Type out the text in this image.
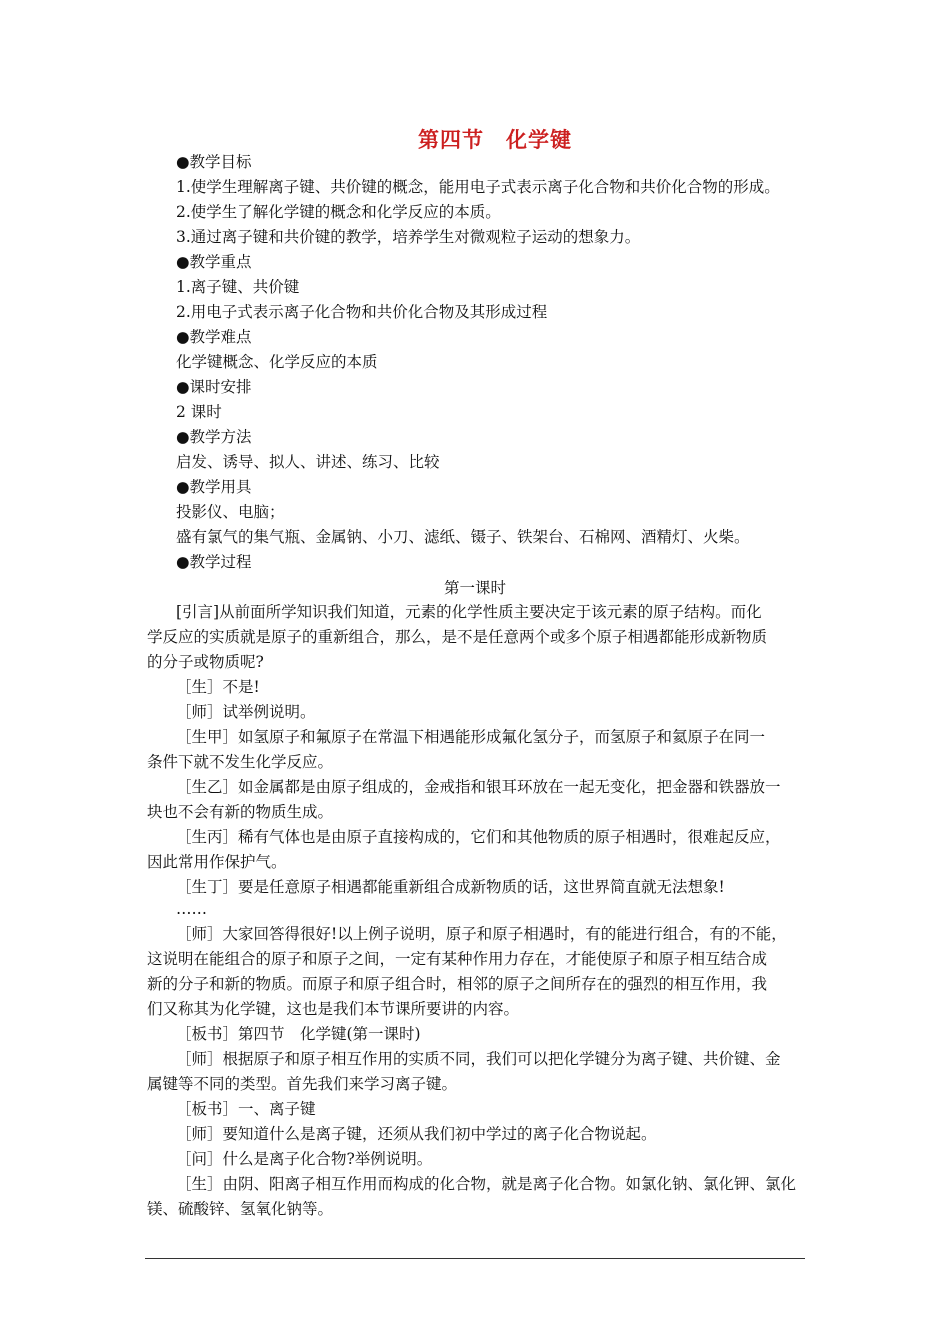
第四节　化学键
●教学目标
1.使学生理解离子键、共价键的概念，能用电子式表示离子化合物和共价化合物的形成。
2.使学生了解化学键的概念和化学反应的本质。
3.通过离子键和共价键的教学，培养学生对微观粒子运动的想象力。
●教学重点
1.离子键、共价键
2.用电子式表示离子化合物和共价化合物及其形成过程
●教学难点
化学键概念、化学反应的本质
●课时安排
2 课时
●教学方法
启发、诱导、拟人、讲述、练习、比较
●教学用具
投影仪、电脑；
盛有氯气的集气瓶、金属钠、小刀、滤纸、镊子、铁架台、石棉网、酒精灯、火柴。
●教学过程
第一课时
[引言]从前面所学知识我们知道，元素的化学性质主要决定于该元素的原子结构。而化
学反应的实质就是原子的重新组合，那么，是不是任意两个或多个原子相遇都能形成新物质
的分子或物质呢?
［生］不是!
［师］试举例说明。
［生甲］如氢原子和氟原子在常温下相遇能形成氟化氢分子，而氢原子和氦原子在同一
条件下就不发生化学反应。
［生乙］如金属都是由原子组成的，金戒指和银耳环放在一起无变化，把金器和铁器放一
块也不会有新的物质生成。
［生丙］稀有气体也是由原子直接构成的，它们和其他物质的原子相遇时，很难起反应，
因此常用作保护气。
［生丁］要是任意原子相遇都能重新组合成新物质的话，这世界简直就无法想象!
……
［师］大家回答得很好!以上例子说明，原子和原子相遇时，有的能进行组合，有的不能，
这说明在能组合的原子和原子之间，一定有某种作用力存在，才能使原子和原子相互结合成
新的分子和新的物质。而原子和原子组合时，相邻的原子之间所存在的强烈的相互作用，我
们又称其为化学键，这也是我们本节课所要讲的内容。
［板书］第四节　化学键(第一课时)
［师］根据原子和原子相互作用的实质不同，我们可以把化学键分为离子键、共价键、金
属键等不同的类型。首先我们来学习离子键。
［板书］一、离子键
［师］要知道什么是离子键，还须从我们初中学过的离子化合物说起。
［问］什么是离子化合物?举例说明。
［生］由阴、阳离子相互作用而构成的化合物，就是离子化合物。如氯化钠、氯化钾、氯化
镁、硫酸锌、氢氧化钠等。
